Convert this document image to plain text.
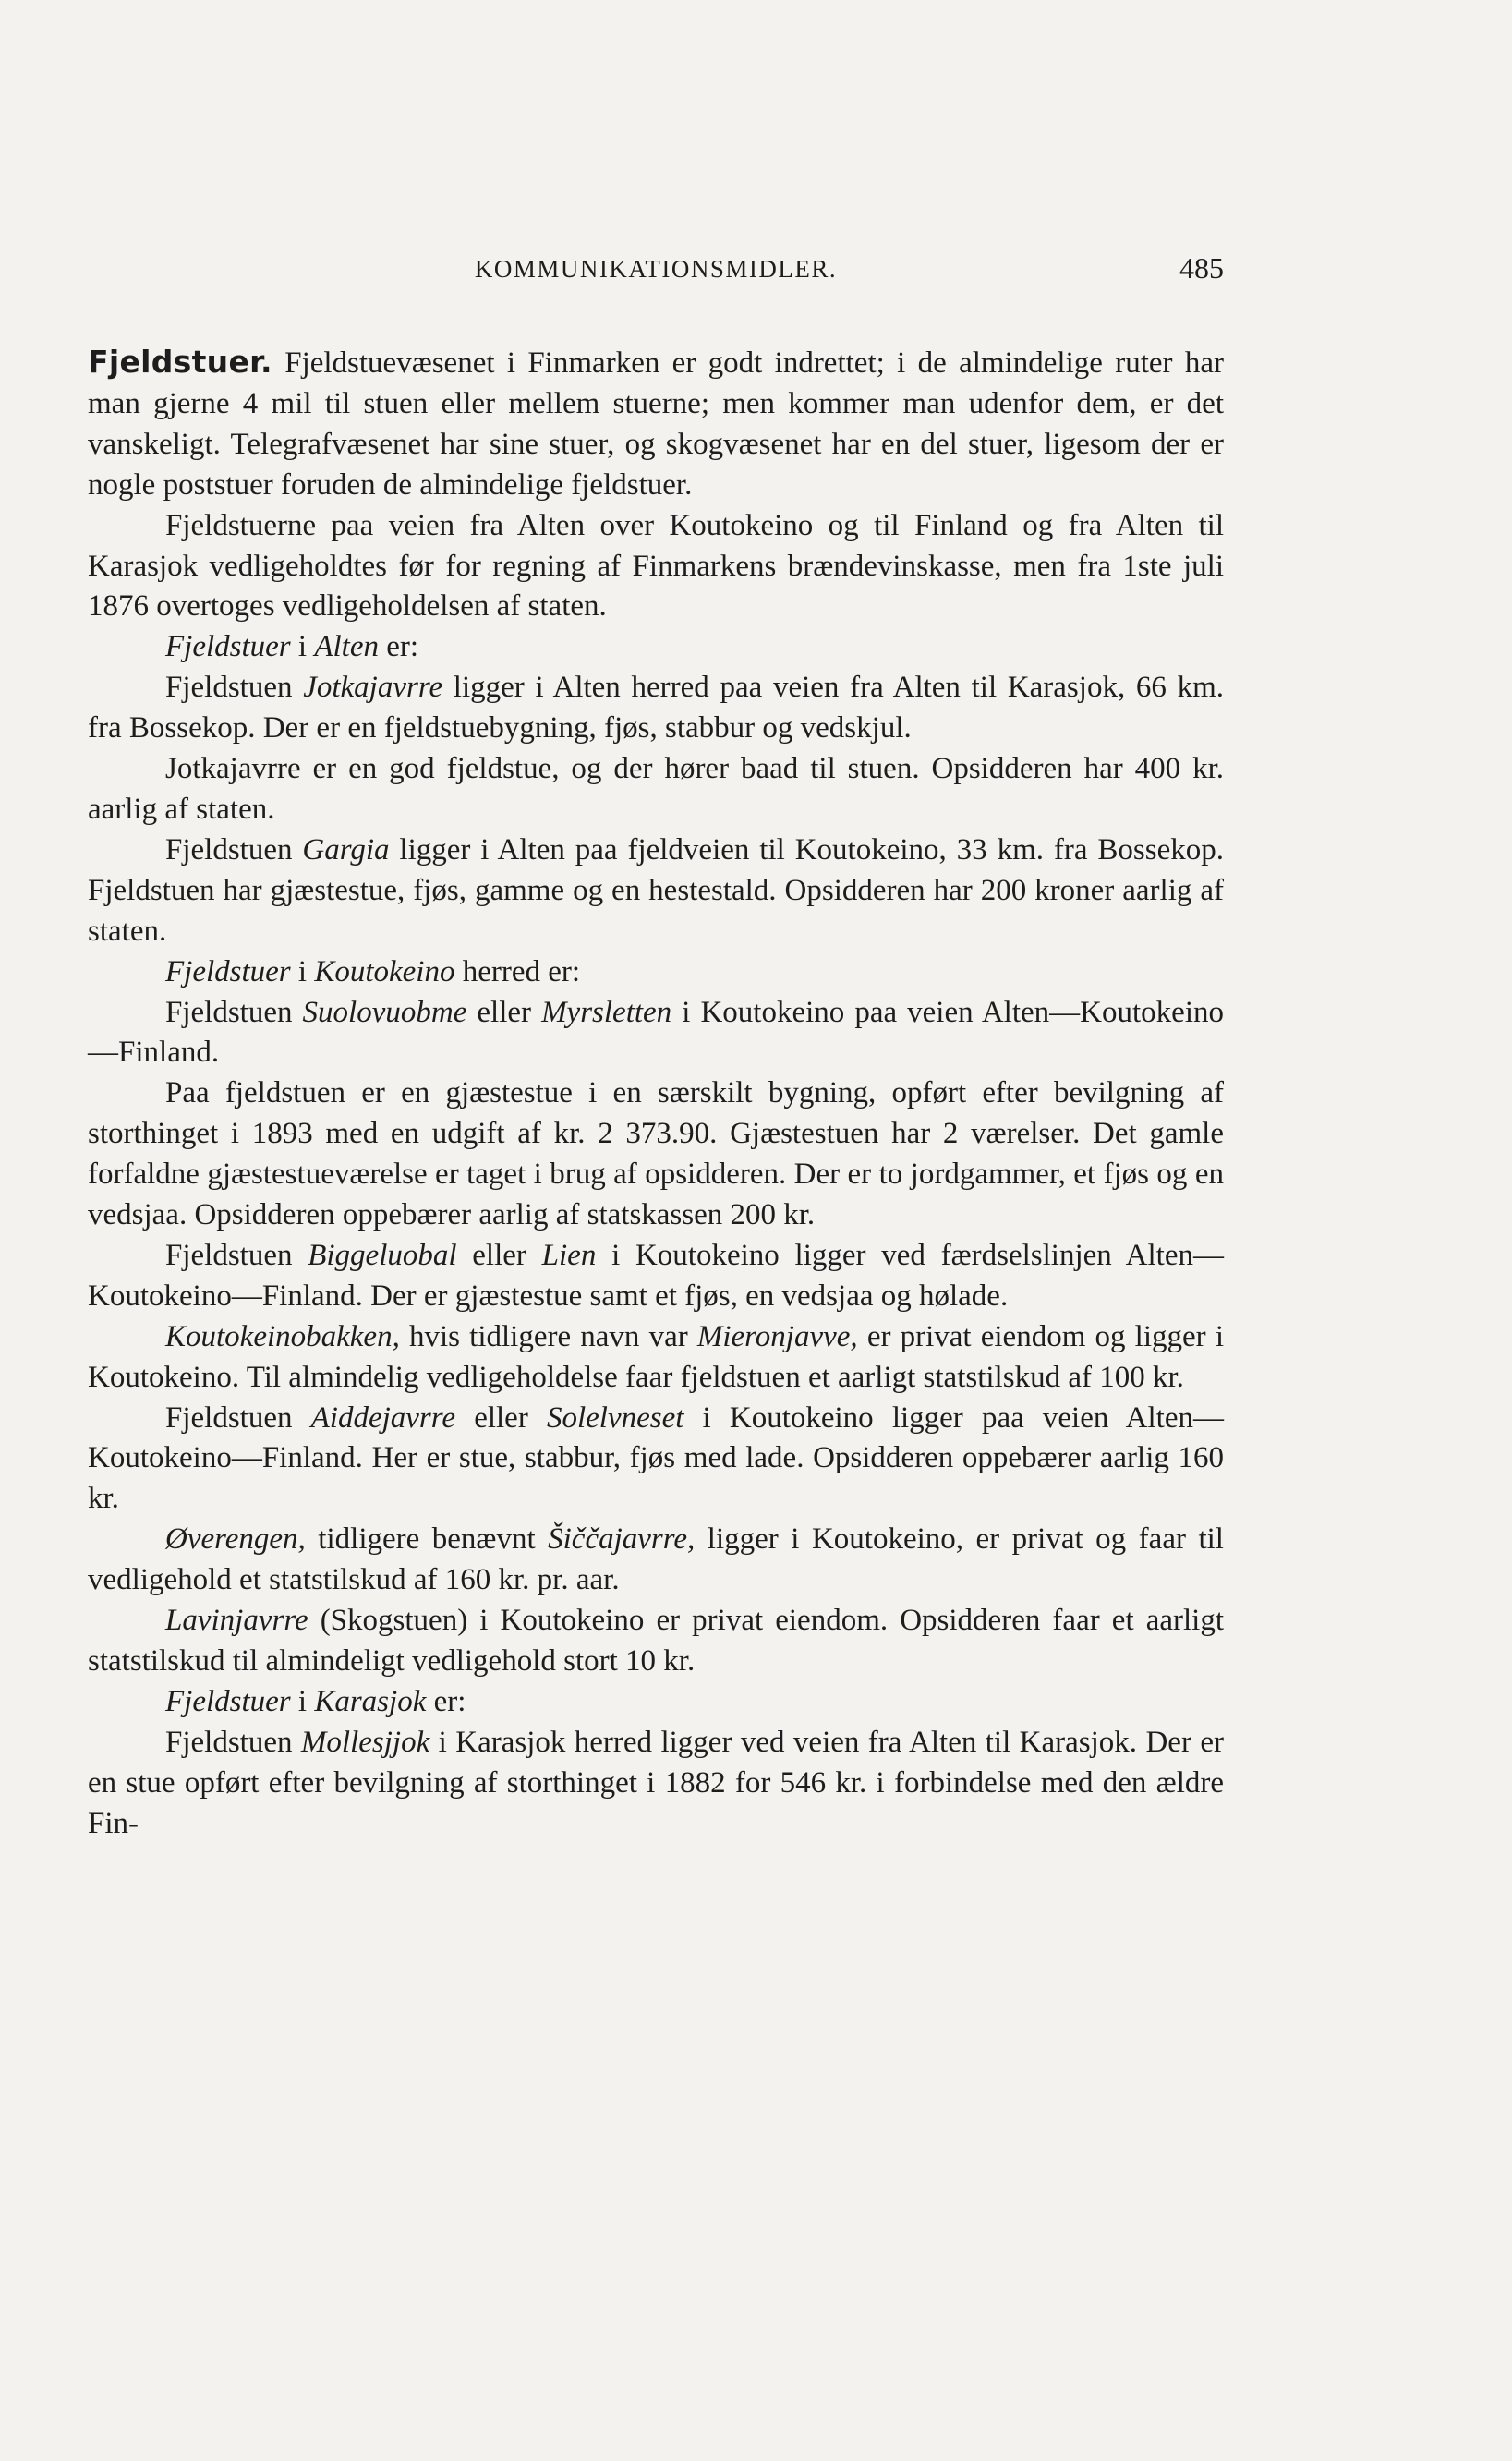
KOMMUNIKATIONSMIDLER.	485

Fjeldstuer. Fjeldstuevæsenet i Finmarken er godt indrettet; i de almindelige ruter har man gjerne 4 mil til stuen eller mellem stuerne; men kommer man udenfor dem, er det vanskeligt. Telegrafvæsenet har sine stuer, og skogvæsenet har en del stuer, ligesom der er nogle poststuer foruden de almindelige fjeldstuer.

Fjeldstuerne paa veien fra Alten over Koutokeino og til Finland og fra Alten til Karasjok vedligeholdtes før for regning af Finmarkens brændevinskasse, men fra 1ste juli 1876 overtoges vedligeholdelsen af staten.

Fjeldstuer i Alten er:

Fjeldstuen Jotkajavrre ligger i Alten herred paa veien fra Alten til Karasjok, 66 km. fra Bossekop. Der er en fjeldstuebygning, fjøs, stabbur og vedskjul.

Jotkajavrre er en god fjeldstue, og der hører baad til stuen. Opsidderen har 400 kr. aarlig af staten.

Fjeldstuen Gargia ligger i Alten paa fjeldveien til Koutokeino, 33 km. fra Bossekop. Fjeldstuen har gjæstestue, fjøs, gamme og en hestestald. Opsidderen har 200 kroner aarlig af staten.

Fjeldstuer i Koutokeino herred er:

Fjeldstuen Suolovuobme eller Myrsletten i Koutokeino paa veien Alten—Koutokeino—Finland.

Paa fjeldstuen er en gjæstestue i en særskilt bygning, opført efter bevilgning af storthinget i 1893 med en udgift af kr. 2 373.90. Gjæstestuen har 2 værelser. Det gamle forfaldne gjæstestueværelse er taget i brug af opsidderen. Der er to jordgammer, et fjøs og en vedsjaa. Opsidderen oppebærer aarlig af statskassen 200 kr.

Fjeldstuen Biggeluobal eller Lien i Koutokeino ligger ved færdselslinjen Alten—Koutokeino—Finland. Der er gjæstestue samt et fjøs, en vedsjaa og hølade.

Koutokeinobakken, hvis tidligere navn var Mieronjavve, er privat eiendom og ligger i Koutokeino. Til almindelig vedligeholdelse faar fjeldstuen et aarligt statstilskud af 100 kr.

Fjeldstuen Aiddejavrre eller Solelvneset i Koutokeino ligger paa veien Alten—Koutokeino—Finland. Her er stue, stabbur, fjøs med lade. Opsidderen oppebærer aarlig 160 kr.

Øverengen, tidligere benævnt Šiččajavrre, ligger i Koutokeino, er privat og faar til vedligehold et statstilskud af 160 kr. pr. aar.

Lavinjavrre (Skogstuen) i Koutokeino er privat eiendom. Opsidderen faar et aarligt statstilskud til almindeligt vedligehold stort 10 kr.

Fjeldstuer i Karasjok er:

Fjeldstuen Mollesjjok i Karasjok herred ligger ved veien fra Alten til Karasjok. Der er en stue opført efter bevilgning af storthinget i 1882 for 546 kr. i forbindelse med den ældre Fin-
